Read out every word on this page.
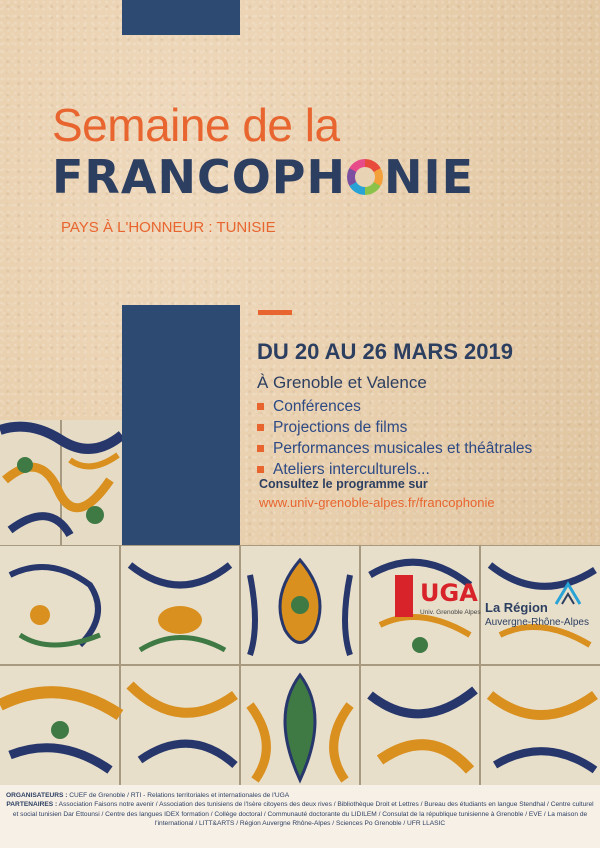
Semaine de la
FRANCOPH NIE
PAYS À L'HONNEUR : TUNISIE
DU 20 AU 26 MARS 2019
À Grenoble et Valence
Conférences
Projections de films
Performances musicales et théâtrales
Ateliers interculturels...
Consultez le programme sur
www.univ-grenoble-alpes.fr/francophonie
UGA
Univ. Grenoble Alpes La Région
Auvergne-Rhône-Alpes

ORGANISATEURS : CUEF de Grenoble / RTI - Relations territoriales et internationales de l'UGA

PARTENAIRES : Association Faisons notre avenir / Association des tunisiens de l'Isère citoyens des deux rives / Bibliothèque Droit et Lettres / Bureau des étudiants en langue Stendhal / Centre culturel et social tunisien Dar Ettounsi / Centre des langues IDEX formation / Collège doctoral / Communauté doctorante du LIDILEM / Consulat de la république tunisienne à Grenoble / EVE / La maison de l'international / LITT&ARTS / Région Auvergne Rhône-Alpes / Sciences Po Grenoble / UFR LLASIC
